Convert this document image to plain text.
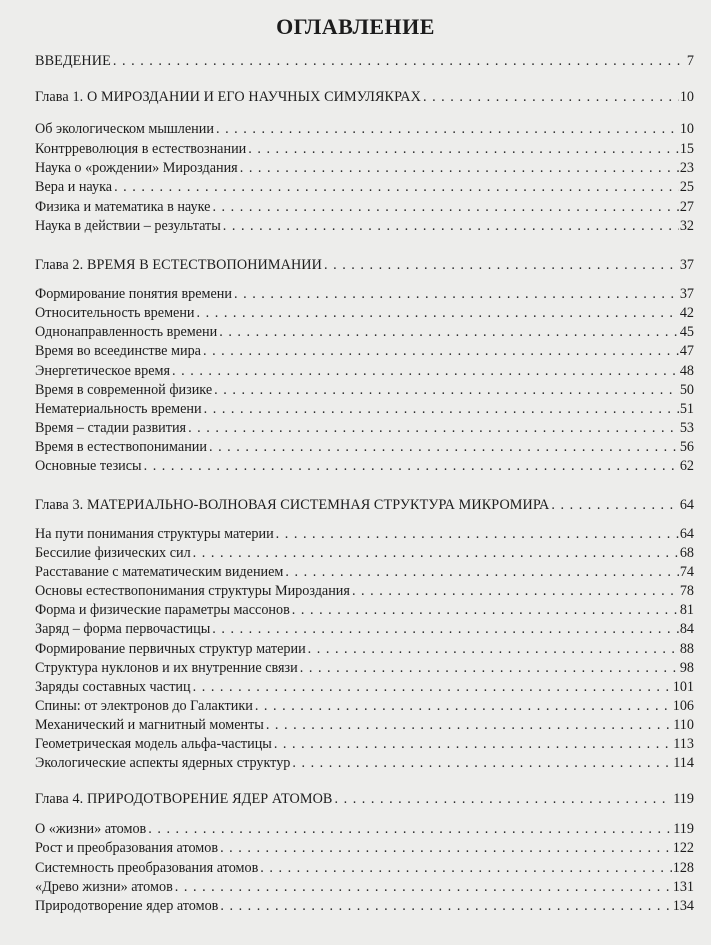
ОГЛАВЛЕНИЕ
ВВЕДЕНИЕ . . .	7
Глава 1. О МИРОЗДАНИИ И ЕГО НАУЧНЫХ СИМУЛЯКРАХ . . .	10
Об экологическом мышлении . . .	10
Контрреволюция в естествознании . . .	15
Наука о «рождении» Мироздания . . .	23
Вера и наука . . .	25
Физика и математика в науке . . .	27
Наука в действии – результаты . . .	32
Глава 2. ВРЕМЯ В ЕСТЕСТВОПОНИМАНИИ . . .	37
Формирование понятия времени . . .	37
Относительность времени . . .	42
Однонаправленность времени . . .	45
Время во всеединстве мира . . .	47
Энергетическое время . . .	48
Время в современной физике . . .	50
Нематериальность времени . . .	51
Время – стадии развития . . .	53
Время в естествопонимании . . .	56
Основные тезисы . . .	62
Глава 3. МАТЕРИАЛЬНО-ВОЛНОВАЯ СИСТЕМНАЯ СТРУКТУРА МИКРОМИРА . . .	64
На пути понимания структуры материи . . .	64
Бессилие физических сил . . .	68
Расставание с математическим видением . . .	74
Основы естествопонимания структуры Мироздания . . .	78
Форма и физические параметры массонов . . .	81
Заряд – форма первочастицы . . .	84
Формирование первичных структур материи . . .	88
Структура нуклонов и их внутренние связи . . .	98
Заряды составных частиц . . .	101
Спины: от электронов до Галактики . . .	106
Механический и магнитный моменты . . .	110
Геометрическая модель альфа-частицы . . .	113
Экологические аспекты ядерных структур . . .	114
Глава 4. ПРИРОДОТВОРЕНИЕ ЯДЕР АТОМОВ . . .	119
О «жизни» атомов . . .	119
Рост и преобразования атомов . . .	122
Системность преобразования атомов . . .	128
«Древо жизни» атомов . . .	131
Природотворение ядер атомов . . .	134
